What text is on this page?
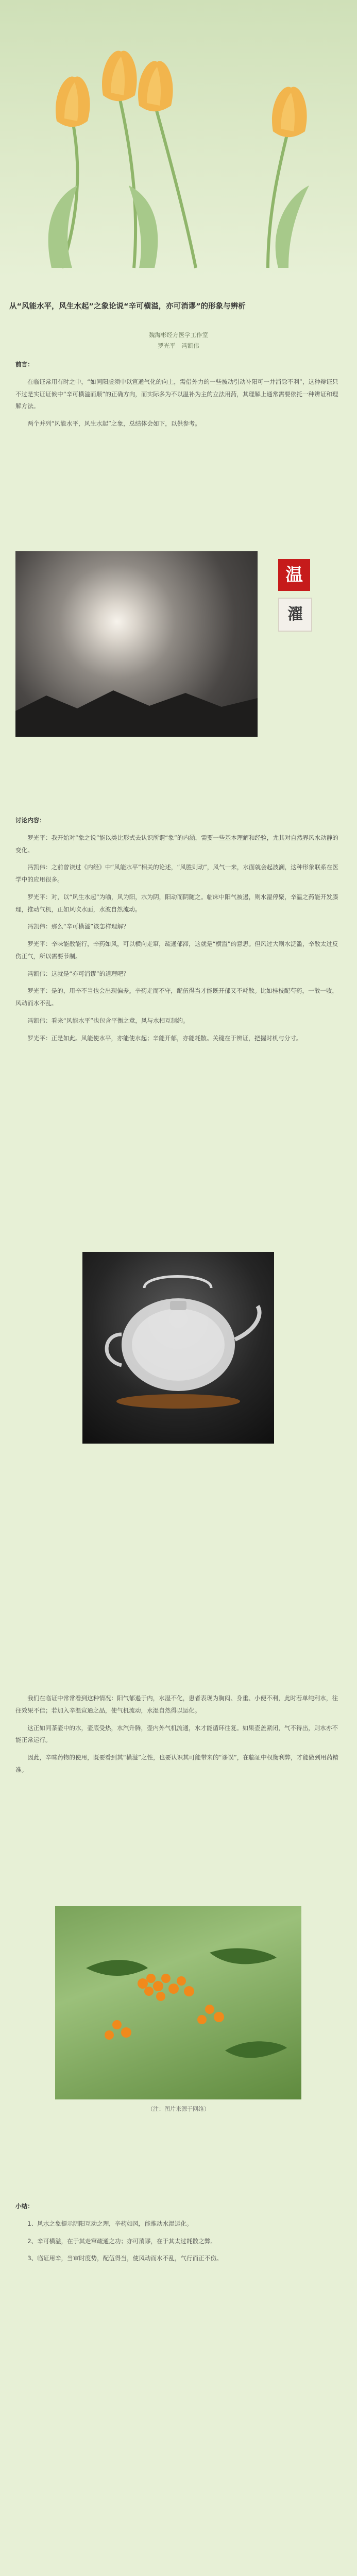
从“风能水平，风生水起”之象论说“辛可横溢，亦可消谬”的形象与辨析
魏海彬经方医学工作室
罗光平　冯凯伟

前言：

在临证常用有时之中，“如同阳虚须中以宣通气化的向上，需借外力的一些被动引动补阳可一并消除不利”，这种辩证只不过是实证证候中“辛可横溢而顺”的正确方向，而实际多为不以温补为主的立法用药，其理解上通常需要依托一种辨证和理解方法。

两个并列“风能水平，风生水起”之象，总结体会如下，以供参考。

温
濯

讨论内容：

罗光平：我开始对“象之说”能以类比形式去认识所谓“象”的内涵，需要一些基本理解和经验，尤其对自然界风水动静的变化。

冯凯伟：之前曾读过《内经》中“风能水平”相关的论述，“风胜则动”，风气一来，水面就会起波澜，这种形象联系在医学中的应用很多。

罗光平：对，以“风生水起”为喻，风为阳，水为阴，阳动而阴随之。临床中阳气被遏，则水湿停聚，辛温之药能开发腠理，推动气机，正如风吹水面，水波自然流动。

冯凯伟：那么“辛可横溢”该怎样理解？

罗光平：辛味能散能行，辛药如风，可以横向走窜，疏通郁滞，这就是“横溢”的意思。但风过大则水泛滥，辛散太过反伤正气，所以需要节制。

冯凯伟：这就是“亦可消谬”的道理吧？

罗光平：是的，用辛不当也会出现偏差。辛药走而不守，配伍得当才能既开郁又不耗散。比如桂枝配芍药，一散一收，风动而水不乱。

冯凯伟：看来“风能水平”也包含平衡之意，风与水相互制约。

罗光平：正是如此。风能使水平，亦能使水起；辛能开郁，亦能耗散。关键在于辨证，把握时机与分寸。

我们在临证中常常看到这种情况：阳气郁遏于内，水湿不化，患者表现为胸闷、身重、小便不利，此时若单纯利水，往往效果不佳；若加入辛温宣通之品，使气机流动，水湿自然得以运化。

这正如同茶壶中的水，壶底受热，水汽升腾，壶内外气机流通，水才能循环往复。如果壶盖紧闭，气不得出，则水亦不能正常运行。

因此，辛味药物的使用，既要看到其“横溢”之性，也要认识其可能带来的“谬误”，在临证中权衡利弊，才能做到用药精准。

（注：图片来源于网络）

小结：

1、风水之象提示阴阳互动之理，辛药如风，能推动水湿运化。

2、辛可横溢，在于其走窜疏通之功；亦可消谬，在于其太过耗散之弊。

3、临证用辛，当审时度势，配伍得当，使风动而水不乱，气行而正不伤。
